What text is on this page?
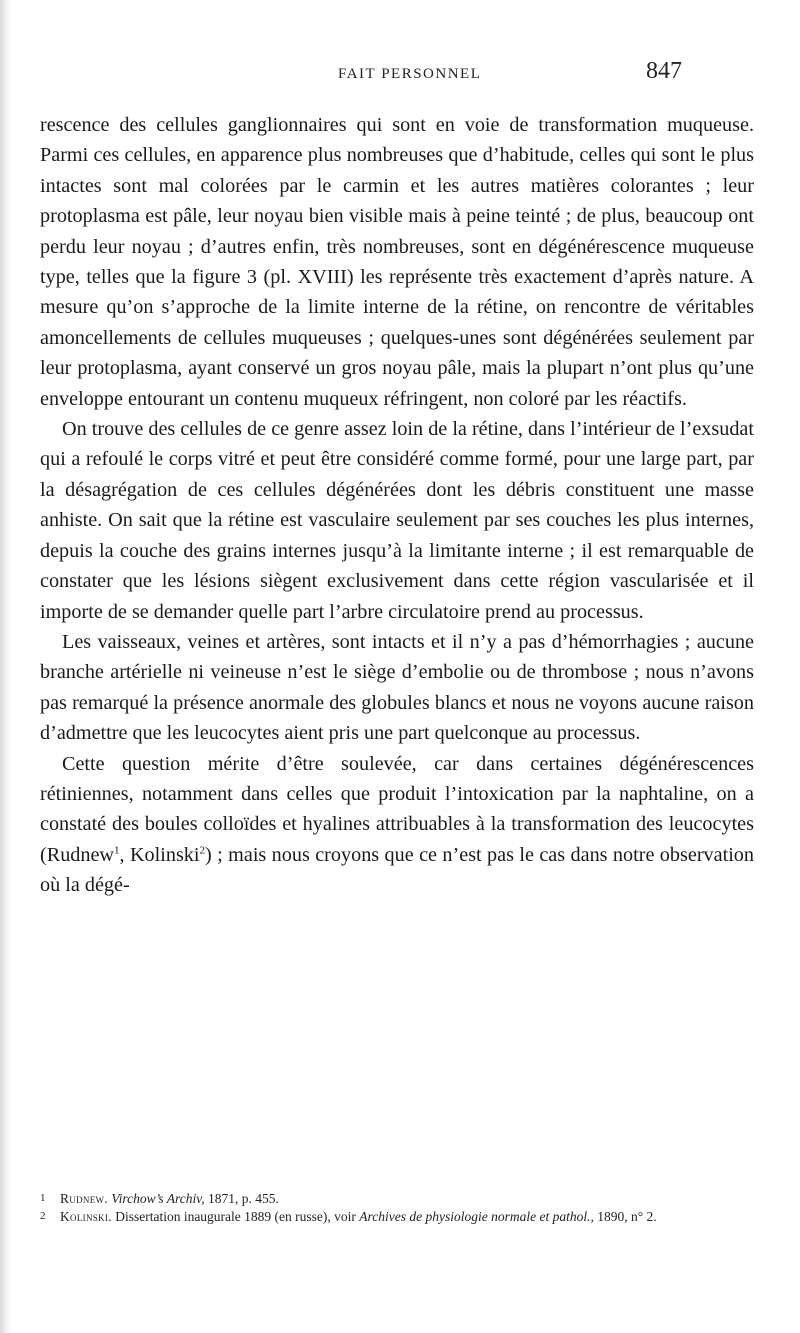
FAIT PERSONNEL	847

rescence des cellules ganglionnaires qui sont en voie de transformation muqueuse. Parmi ces cellules, en apparence plus nombreuses que d’habitude, celles qui sont le plus intactes sont mal colorées par le carmin et les autres matières colorantes ; leur protoplasma est pâle, leur noyau bien visible mais à peine teinté ; de plus, beaucoup ont perdu leur noyau ; d’autres enfin, très nombreuses, sont en dégénérescence muqueuse type, telles que la figure 3 (pl. XVIII) les représente très exactement d’après nature. A mesure qu’on s’approche de la limite interne de la rétine, on rencontre de véritables amoncellements de cellules muqueuses ; quelques-unes sont dégénérées seulement par leur protoplasma, ayant conservé un gros noyau pâle, mais la plupart n’ont plus qu’une enveloppe entourant un contenu muqueux réfringent, non coloré par les réactifs.

On trouve des cellules de ce genre assez loin de la rétine, dans l’intérieur de l’exsudat qui a refoulé le corps vitré et peut être considéré comme formé, pour une large part, par la désagrégation de ces cellules dégénérées dont les débris constituent une masse anhiste. On sait que la rétine est vasculaire seulement par ses couches les plus internes, depuis la couche des grains internes jusqu’à la limitante interne ; il est remarquable de constater que les lésions siègent exclusivement dans cette région vascularisée et il importe de se demander quelle part l’arbre circulatoire prend au processus.

Les vaisseaux, veines et artères, sont intacts et il n’y a pas d’hémorrhagies ; aucune branche artérielle ni veineuse n’est le siège d’embolie ou de thrombose ; nous n’avons pas remarqué la présence anormale des globules blancs et nous ne voyons aucune raison d’admettre que les leucocytes aient pris une part quelconque au processus.

Cette question mérite d’être soulevée, car dans certaines dégénérescences rétiniennes, notamment dans celles que produit l’intoxication par la naphtaline, on a constaté des boules colloïdes et hyalines attribuables à la transformation des leucocytes (Rudnew$^1$, Kolinski$^2$) ; mais nous croyons que ce n’est pas le cas dans notre observation où la dégé-

1 Rudnew. Virchow’s Archiv, 1871, p. 455.

2 Kolinski. Dissertation inaugurale 1889 (en russe), voir Archives de physiologie normale et pathol., 1890, n° 2.
